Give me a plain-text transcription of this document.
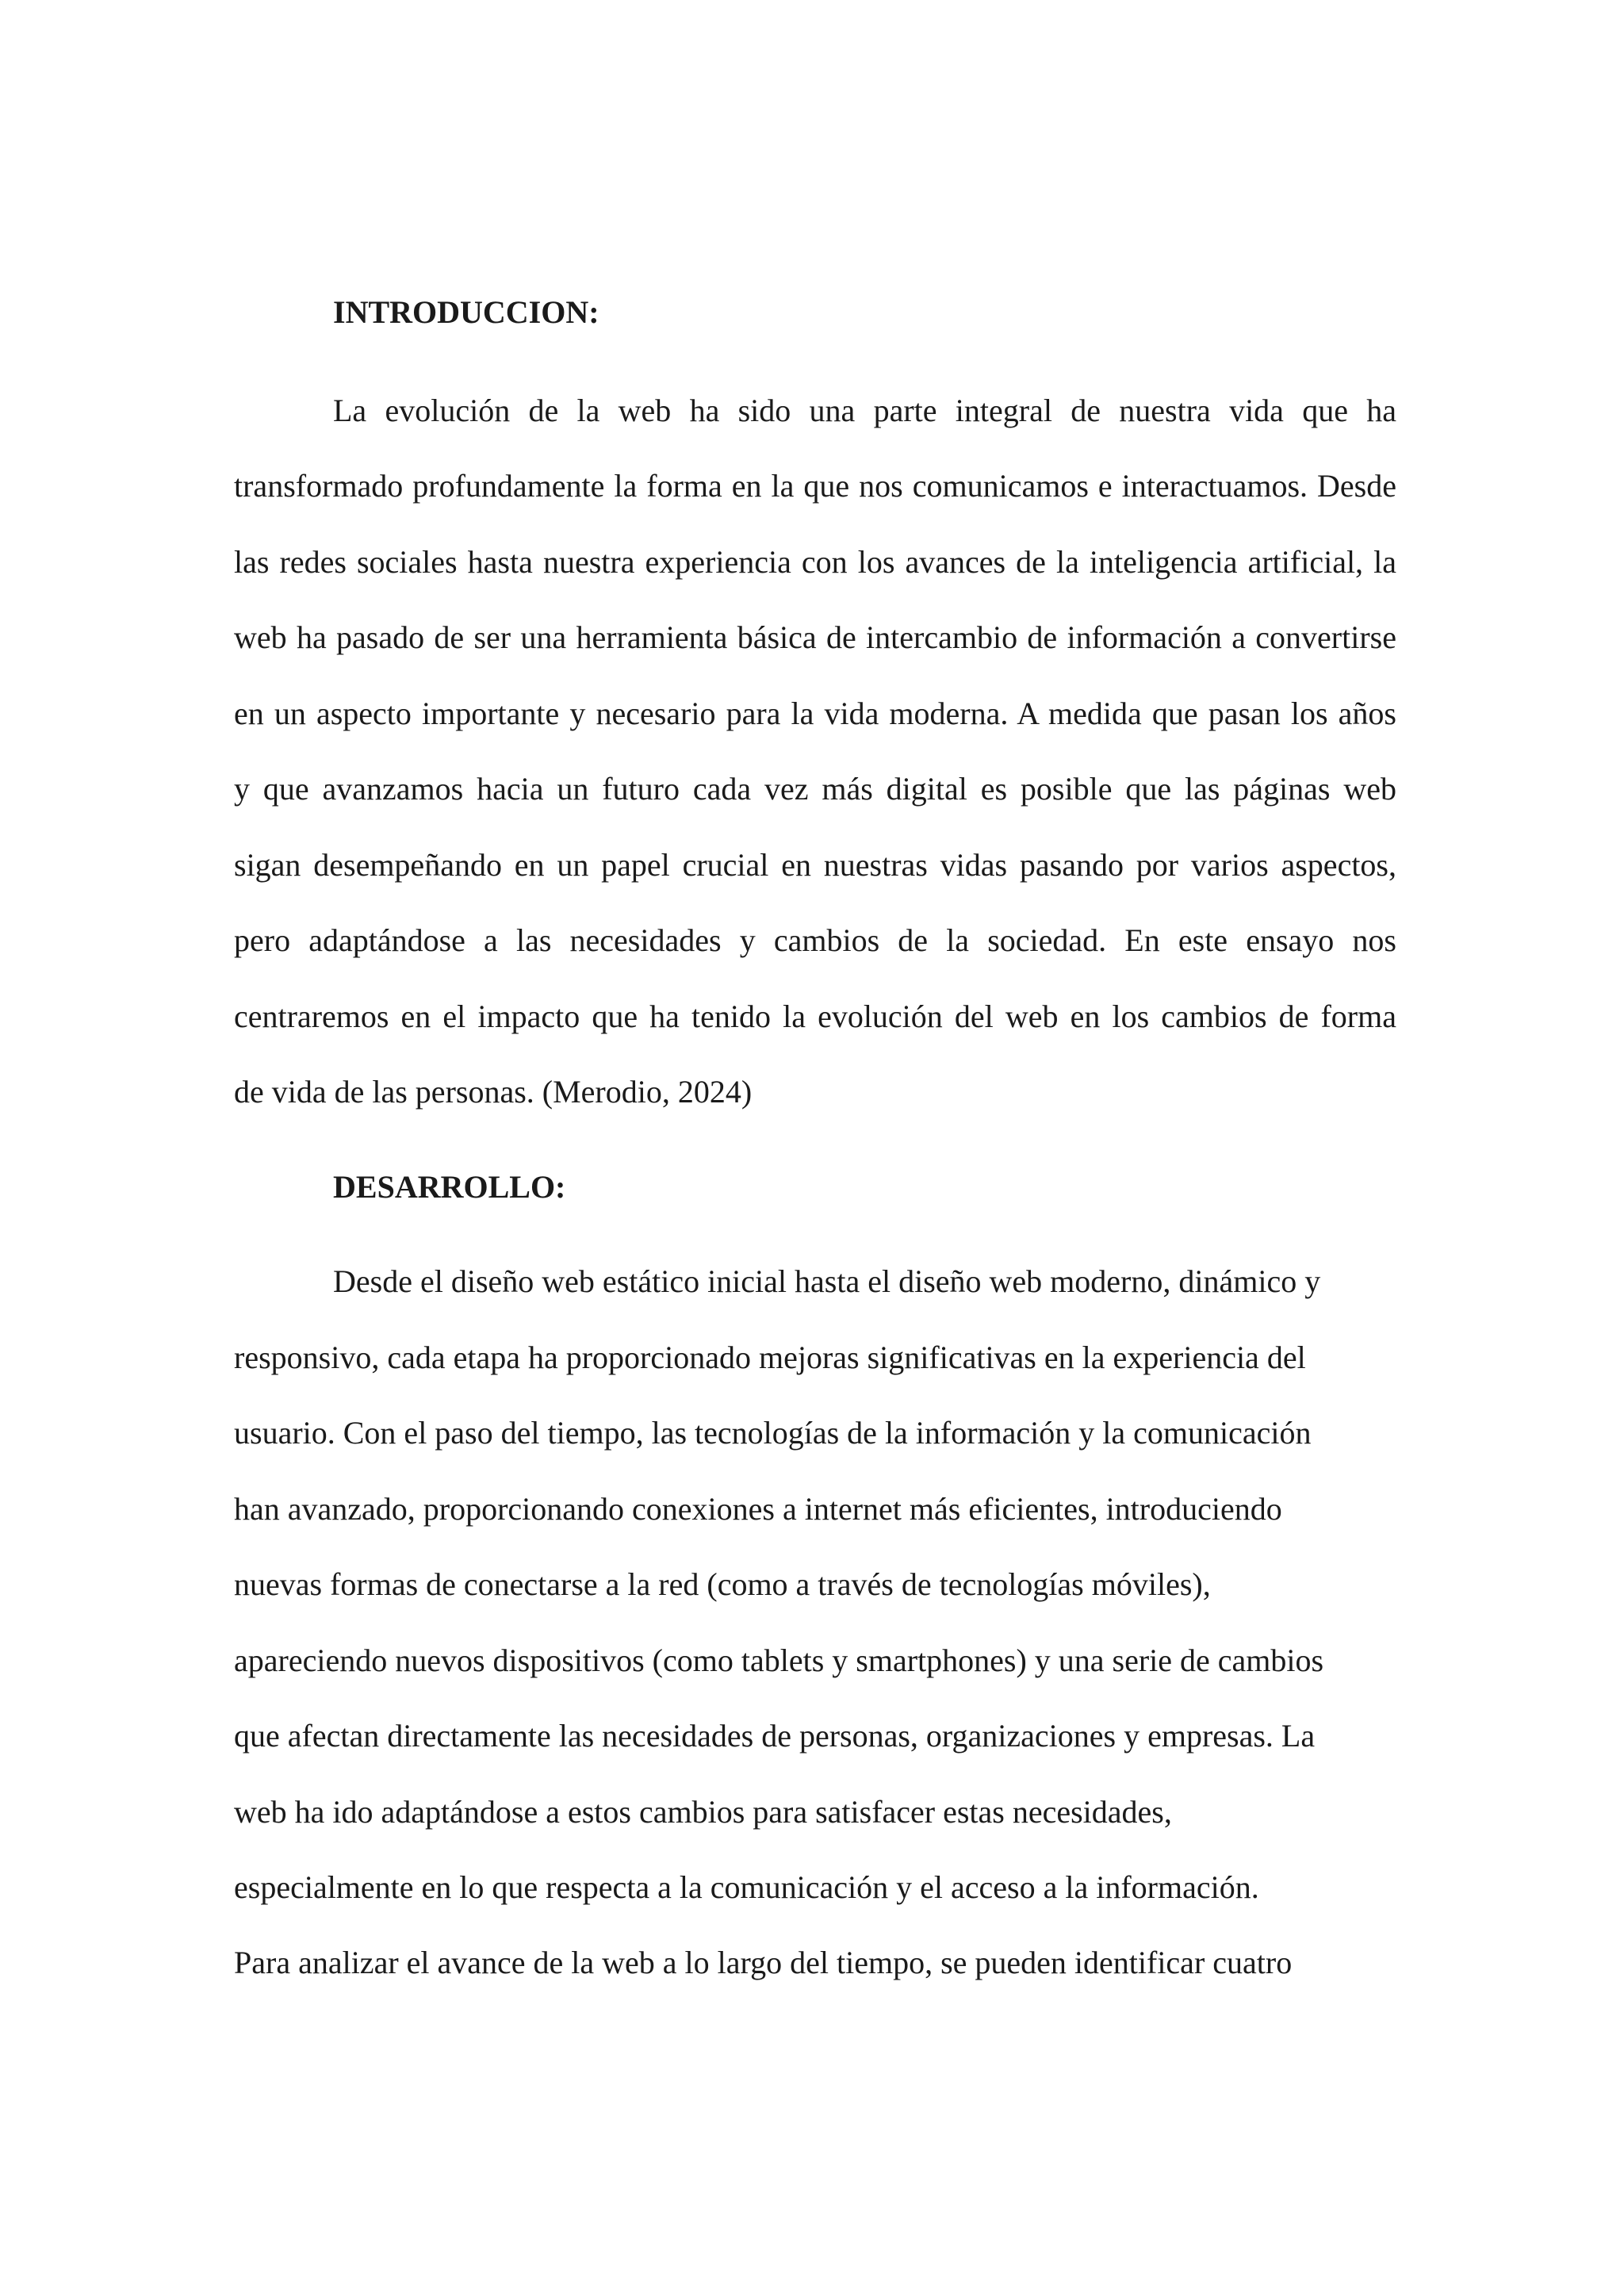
INTRODUCCION:
La evolución de la web ha sido una parte integral de nuestra vida que ha
transformado profundamente la forma en la que nos comunicamos e interactuamos. Desde
las redes sociales hasta nuestra experiencia con los avances de la inteligencia artificial, la
web ha pasado de ser una herramienta básica de intercambio de información a convertirse
en un aspecto importante y necesario para la vida moderna. A medida que pasan los años
y que avanzamos hacia un futuro cada vez más digital es posible que las páginas web
sigan desempeñando en un papel crucial en nuestras vidas pasando por varios aspectos,
pero adaptándose a las necesidades y cambios de la sociedad. En este ensayo nos
centraremos en el impacto que ha tenido la evolución del web en los cambios de forma
de vida de las personas. (Merodio, 2024)
DESARROLLO:
Desde el diseño web estático inicial hasta el diseño web moderno, dinámico y
responsivo, cada etapa ha proporcionado mejoras significativas en la experiencia del
usuario. Con el paso del tiempo, las tecnologías de la información y la comunicación
han avanzado, proporcionando conexiones a internet más eficientes, introduciendo
nuevas formas de conectarse a la red (como a través de tecnologías móviles),
apareciendo nuevos dispositivos (como tablets y smartphones) y una serie de cambios
que afectan directamente las necesidades de personas, organizaciones y empresas. La
web ha ido adaptándose a estos cambios para satisfacer estas necesidades,
especialmente en lo que respecta a la comunicación y el acceso a la información.
Para analizar el avance de la web a lo largo del tiempo, se pueden identificar cuatro
